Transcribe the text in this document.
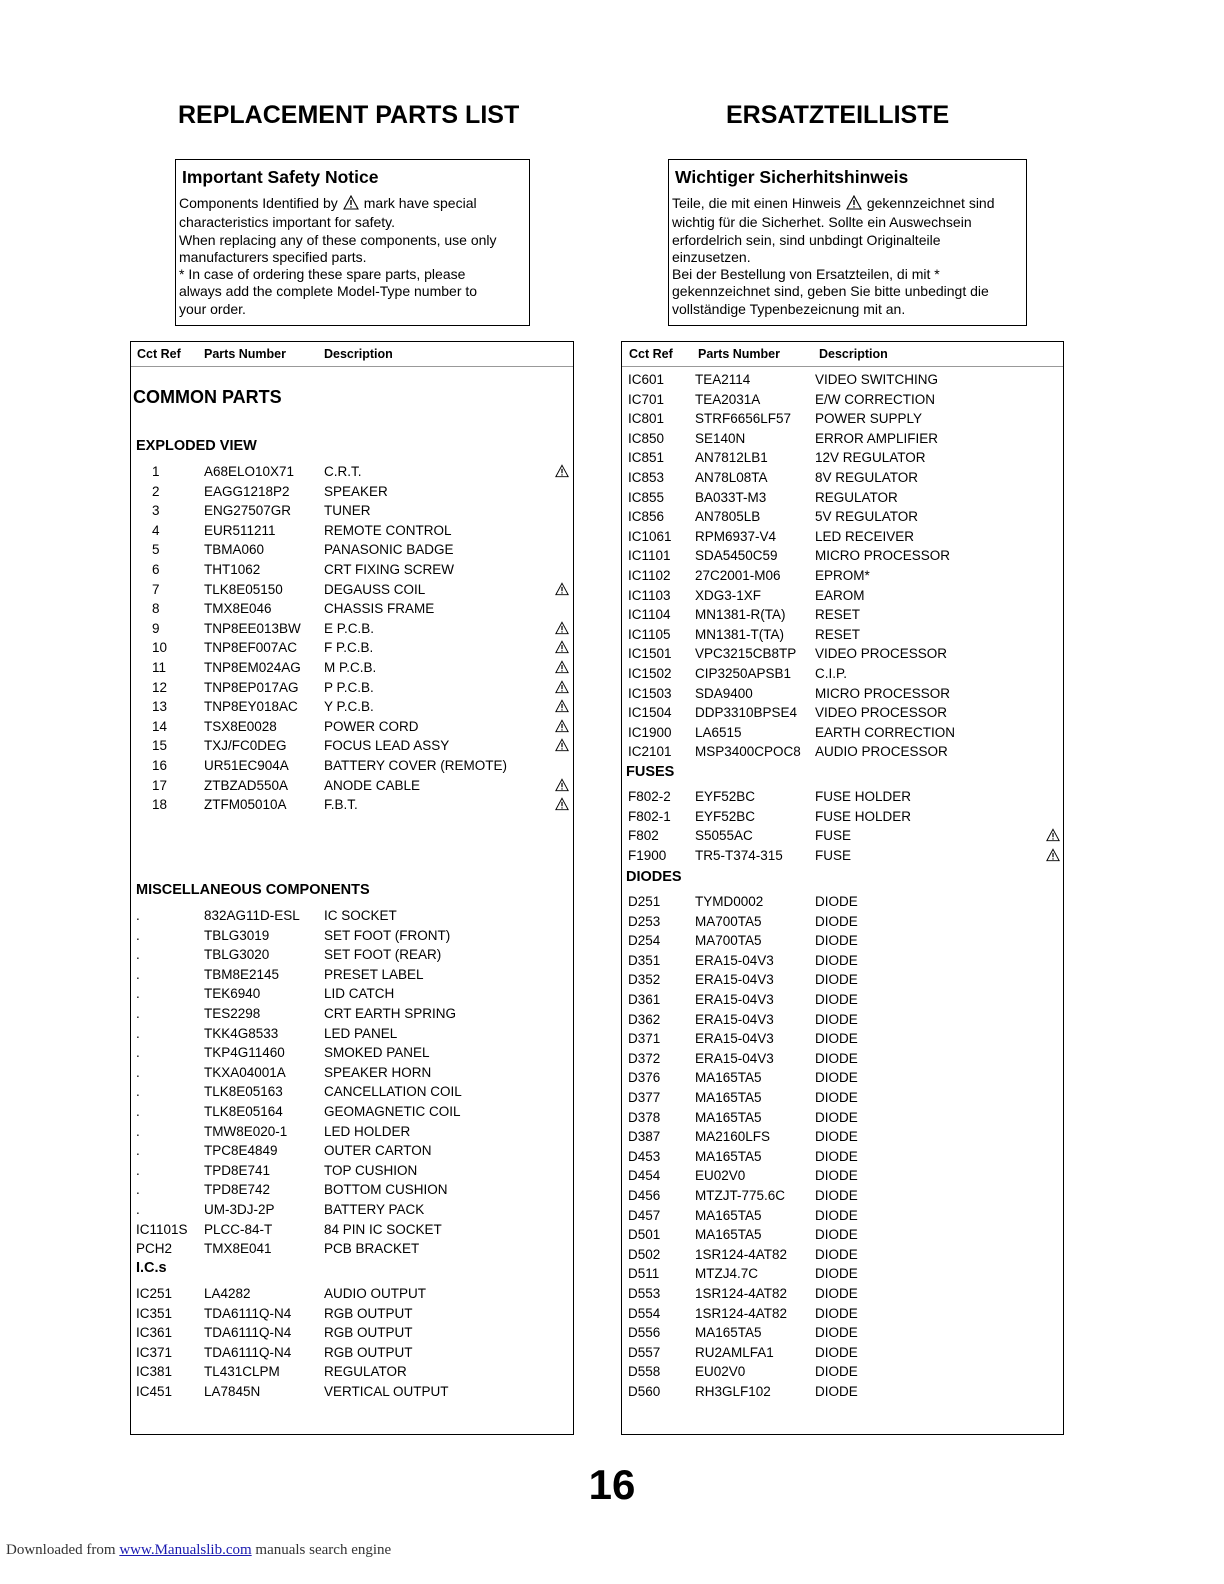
REPLACEMENT PARTS LIST	ERSATZTEILLISTE
Important Safety Notice
Components Identified by mark have special
characteristics important for safety.
When replacing any of these components, use only
manufacturers specified parts.
* In case of ordering these spare parts, please
always add the complete Model-Type number to
your order.
Wichtiger Sicherhitshinweis
Teile, die mit einen Hinweis gekennzeichnet sind
wichtig für die Sicherhet. Sollte ein Auswechsein
erfordelrich sein, sind unbdingt Originalteile
einzusetzen.
Bei der Bestellung von Ersatzteilen, di mit *
gekennzeichnet sind, geben Sie bitte unbedingt die
vollständige Typenbezeicnung mit an.
Cct Ref Parts Number	Description
COMMON PARTS
EXPLODED VIEW
1	A68ELO10X71 C.R.T.
2	EAGG1218P2	SPEAKER
3	ENG27507GR TUNER
4	EUR511211	REMOTE CONTROL
5	TBMA060	PANASONIC BADGE
6	THT1062	CRT FIXING SCREW
7	TLK8E05150	DEGAUSS COIL
8	TMX8E046	CHASSIS FRAME
9	TNP8EE013BW E P.C.B.
10	TNP8EF007AC F P.C.B.
11	TNP8EM024AG M P.C.B.
12	TNP8EP017AG P P.C.B.
13	TNP8EY018AC Y P.C.B.
14	TSX8E0028	POWER CORD
15	TXJ/FC0DEG	FOCUS LEAD ASSY
16	UR51EC904A	BATTERY COVER (REMOTE)
17	ZTBZAD550A	ANODE CABLE
18	ZTFM05010A	F.B.T.
MISCELLANEOUS COMPONENTS
.	832AG11D-ESL IC SOCKET
.	TBLG3019	SET FOOT (FRONT)
.	TBLG3020	SET FOOT (REAR)
.	TBM8E2145	PRESET LABEL
.	TEK6940	LID CATCH
.	TES2298	CRT EARTH SPRING
.	TKK4G8533	LED PANEL
.	TKP4G11460	SMOKED PANEL
.	TKXA04001A	SPEAKER HORN
.	TLK8E05163	CANCELLATION COIL
.	TLK8E05164	GEOMAGNETIC COIL
.	TMW8E020-1	LED HOLDER
.	TPC8E4849	OUTER CARTON
.	TPD8E741	TOP CUSHION
.	TPD8E742	BOTTOM CUSHION
.	UM-3DJ-2P	BATTERY PACK
IC1101S PLCC-84-T	84 PIN IC SOCKET
PCH2 TMX8E041	PCB BRACKET
I.C.s
IC251 LA4282	AUDIO OUTPUT
IC351 TDA6111Q-N4 RGB OUTPUT
IC361 TDA6111Q-N4 RGB OUTPUT
IC371 TDA6111Q-N4 RGB OUTPUT
IC381 TL431CLPM	REGULATOR
IC451 LA7845N	VERTICAL OUTPUT
Cct Ref Parts Number	Description
IC601 TEA2114	VIDEO SWITCHING
IC701 TEA2031A	E/W CORRECTION
IC801 STRF6656LF57 POWER SUPPLY
IC850 SE140N	ERROR AMPLIFIER
IC851 AN7812LB1	12V REGULATOR
IC853 AN78L08TA	8V REGULATOR
IC855 BA033T-M3	REGULATOR
IC856 AN7805LB	5V REGULATOR
IC1061 RPM6937-V4	LED RECEIVER
IC1101 SDA5450C59	MICRO PROCESSOR
IC1102 27C2001-M06	EPROM*
IC1103 XDG3-1XF	EAROM
IC1104 MN1381-R(TA) RESET
IC1105 MN1381-T(TA) RESET
IC1501 VPC3215CB8TP VIDEO PROCESSOR
IC1502 CIP3250APSB1 C.I.P.
IC1503 SDA9400	MICRO PROCESSOR
IC1504 DDP3310BPSE4 VIDEO PROCESSOR
IC1900 LA6515	EARTH CORRECTION
IC2101 MSP3400CPOC8 AUDIO PROCESSOR
FUSES
F802-2 EYF52BC	FUSE HOLDER
F802-1 EYF52BC	FUSE HOLDER
F802	S5055AC	FUSE
F1900 TR5-T374-315 FUSE
DIODES
D251	TYMD0002	DIODE
D253	MA700TA5	DIODE
D254	MA700TA5	DIODE
D351	ERA15-04V3	DIODE
D352	ERA15-04V3	DIODE
D361	ERA15-04V3	DIODE
D362	ERA15-04V3	DIODE
D371	ERA15-04V3	DIODE
D372	ERA15-04V3	DIODE
D376	MA165TA5	DIODE
D377	MA165TA5	DIODE
D378	MA165TA5	DIODE
D387	MA2160LFS	DIODE
D453	MA165TA5	DIODE
D454	EU02V0	DIODE
D456	MTZJT-775.6C DIODE
D457	MA165TA5	DIODE
D501	MA165TA5	DIODE
D502	1SR124-4AT82 DIODE
D511	MTZJ4.7C	DIODE
D553	1SR124-4AT82 DIODE
D554	1SR124-4AT82 DIODE
D556	MA165TA5	DIODE
D557	RU2AMLFA1	DIODE
D558	EU02V0	DIODE
D560	RH3GLF102	DIODE
16
Downloaded from www.Manualslib.com manuals search engine
